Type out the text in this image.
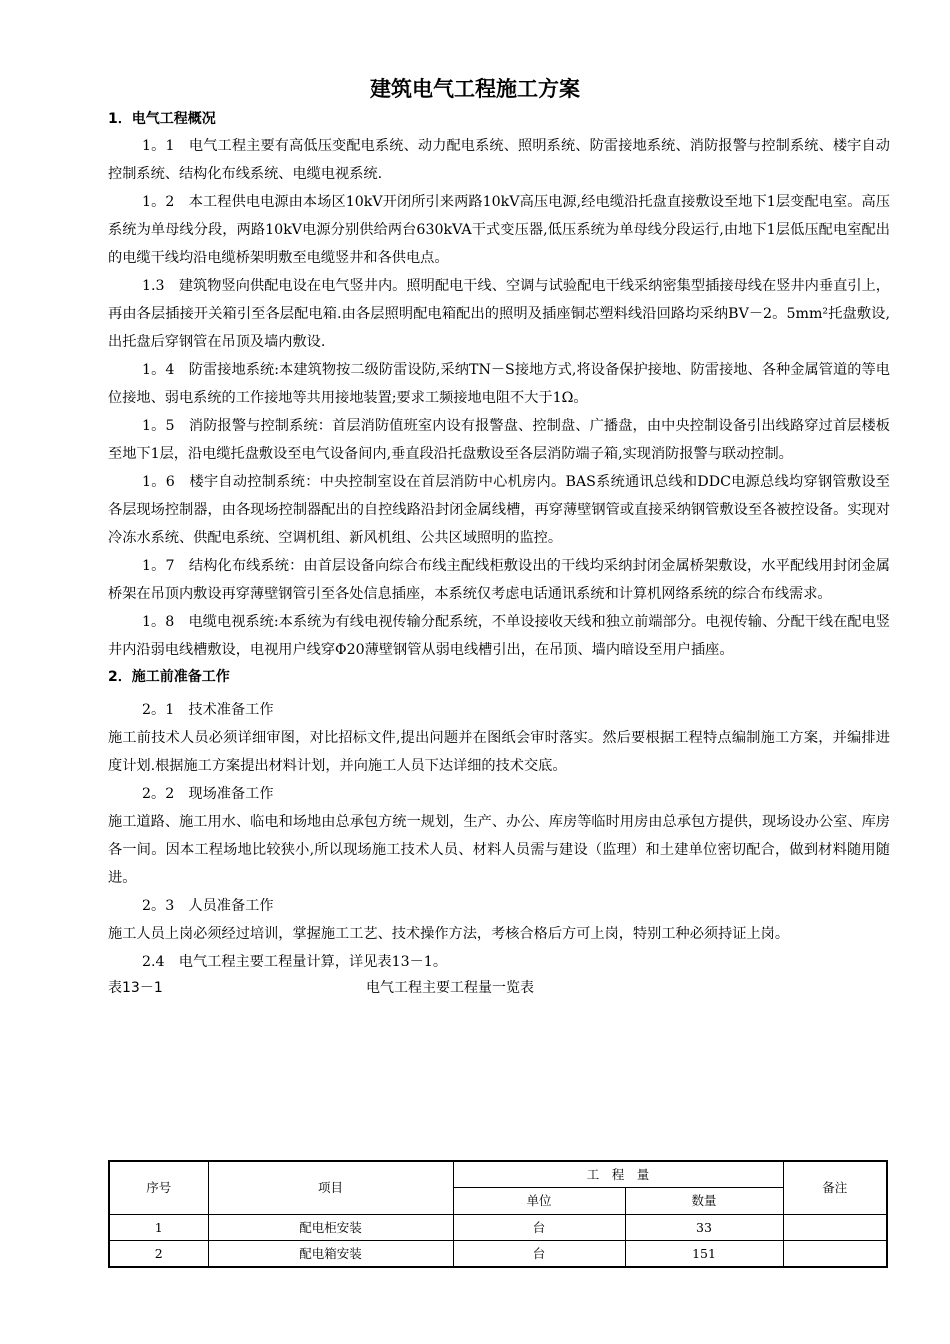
建筑电气工程施工方案
1．电气工程概况
1。1　电气工程主要有高低压变配电系统、动力配电系统、照明系统、防雷接地系统、消防报警与控制系统、楼宇自动控制系统、结构化布线系统、电缆电视系统.
1。2　本工程供电电源由本场区10kV开闭所引来两路10kV高压电源,经电缆沿托盘直接敷设至地下1层变配电室。高压系统为单母线分段，两路10kV电源分别供给两台630kVA干式变压器,低压系统为单母线分段运行,由地下1层低压配电室配出的电缆干线均沿电缆桥架明敷至电缆竖井和各供电点。
1.3　建筑物竖向供配电设在电气竖井内。照明配电干线、空调与试验配电干线采纳密集型插接母线在竖井内垂直引上，再由各层插接开关箱引至各层配电箱.由各层照明配电箱配出的照明及插座铜芯塑料线沿回路均采纳BV－2。5mm²托盘敷设,出托盘后穿钢管在吊顶及墙内敷设.
1。4　防雷接地系统:本建筑物按二级防雷设防,采纳TN－S接地方式,将设备保护接地、防雷接地、各种金属管道的等电位接地、弱电系统的工作接地等共用接地装置;要求工频接地电阻不大于1Ω。
1。5　消防报警与控制系统：首层消防值班室内设有报警盘、控制盘、广播盘，由中央控制设备引出线路穿过首层楼板至地下1层，沿电缆托盘敷设至电气设备间内,垂直段沿托盘敷设至各层消防端子箱,实现消防报警与联动控制。
1。6　楼宇自动控制系统：中央控制室设在首层消防中心机房内。BAS系统通讯总线和DDC电源总线均穿钢管敷设至各层现场控制器，由各现场控制器配出的自控线路沿封闭金属线槽，再穿薄壁钢管或直接采纳钢管敷设至各被控设备。实现对冷冻水系统、供配电系统、空调机组、新风机组、公共区域照明的监控。
1。7　结构化布线系统：由首层设备向综合布线主配线柜敷设出的干线均采纳封闭金属桥架敷设，水平配线用封闭金属桥架在吊顶内敷设再穿薄壁钢管引至各处信息插座，本系统仅考虑电话通讯系统和计算机网络系统的综合布线需求。
1。8　电缆电视系统:本系统为有线电视传输分配系统，不单设接收天线和独立前端部分。电视传输、分配干线在配电竖井内沿弱电线槽敷设，电视用户线穿Φ20薄壁钢管从弱电线槽引出，在吊顶、墙内暗设至用户插座。
2．施工前准备工作
2。1　技术准备工作
施工前技术人员必须详细审图，对比招标文件,提出问题并在图纸会审时落实。然后要根据工程特点编制施工方案，并编排进度计划.根据施工方案提出材料计划，并向施工人员下达详细的技术交底。
2。2　现场准备工作
施工道路、施工用水、临电和场地由总承包方统一规划，生产、办公、库房等临时用房由总承包方提供，现场设办公室、库房各一间。因本工程场地比较狭小,所以现场施工技术人员、材料人员需与建设（监理）和土建单位密切配合，做到材料随用随进。
2。3　人员准备工作
施工人员上岗必须经过培训，掌握施工工艺、技术操作方法，考核合格后方可上岗，特别工种必须持证上岗。
2.4　电气工程主要工程量计算，详见表13－1。
表13－1	电气工程主要工程量一览表
序号	项目	工　程　量		备注
		单位	数量	
1	配电柜安装	台	33	
2	配电箱安装	台	151	
